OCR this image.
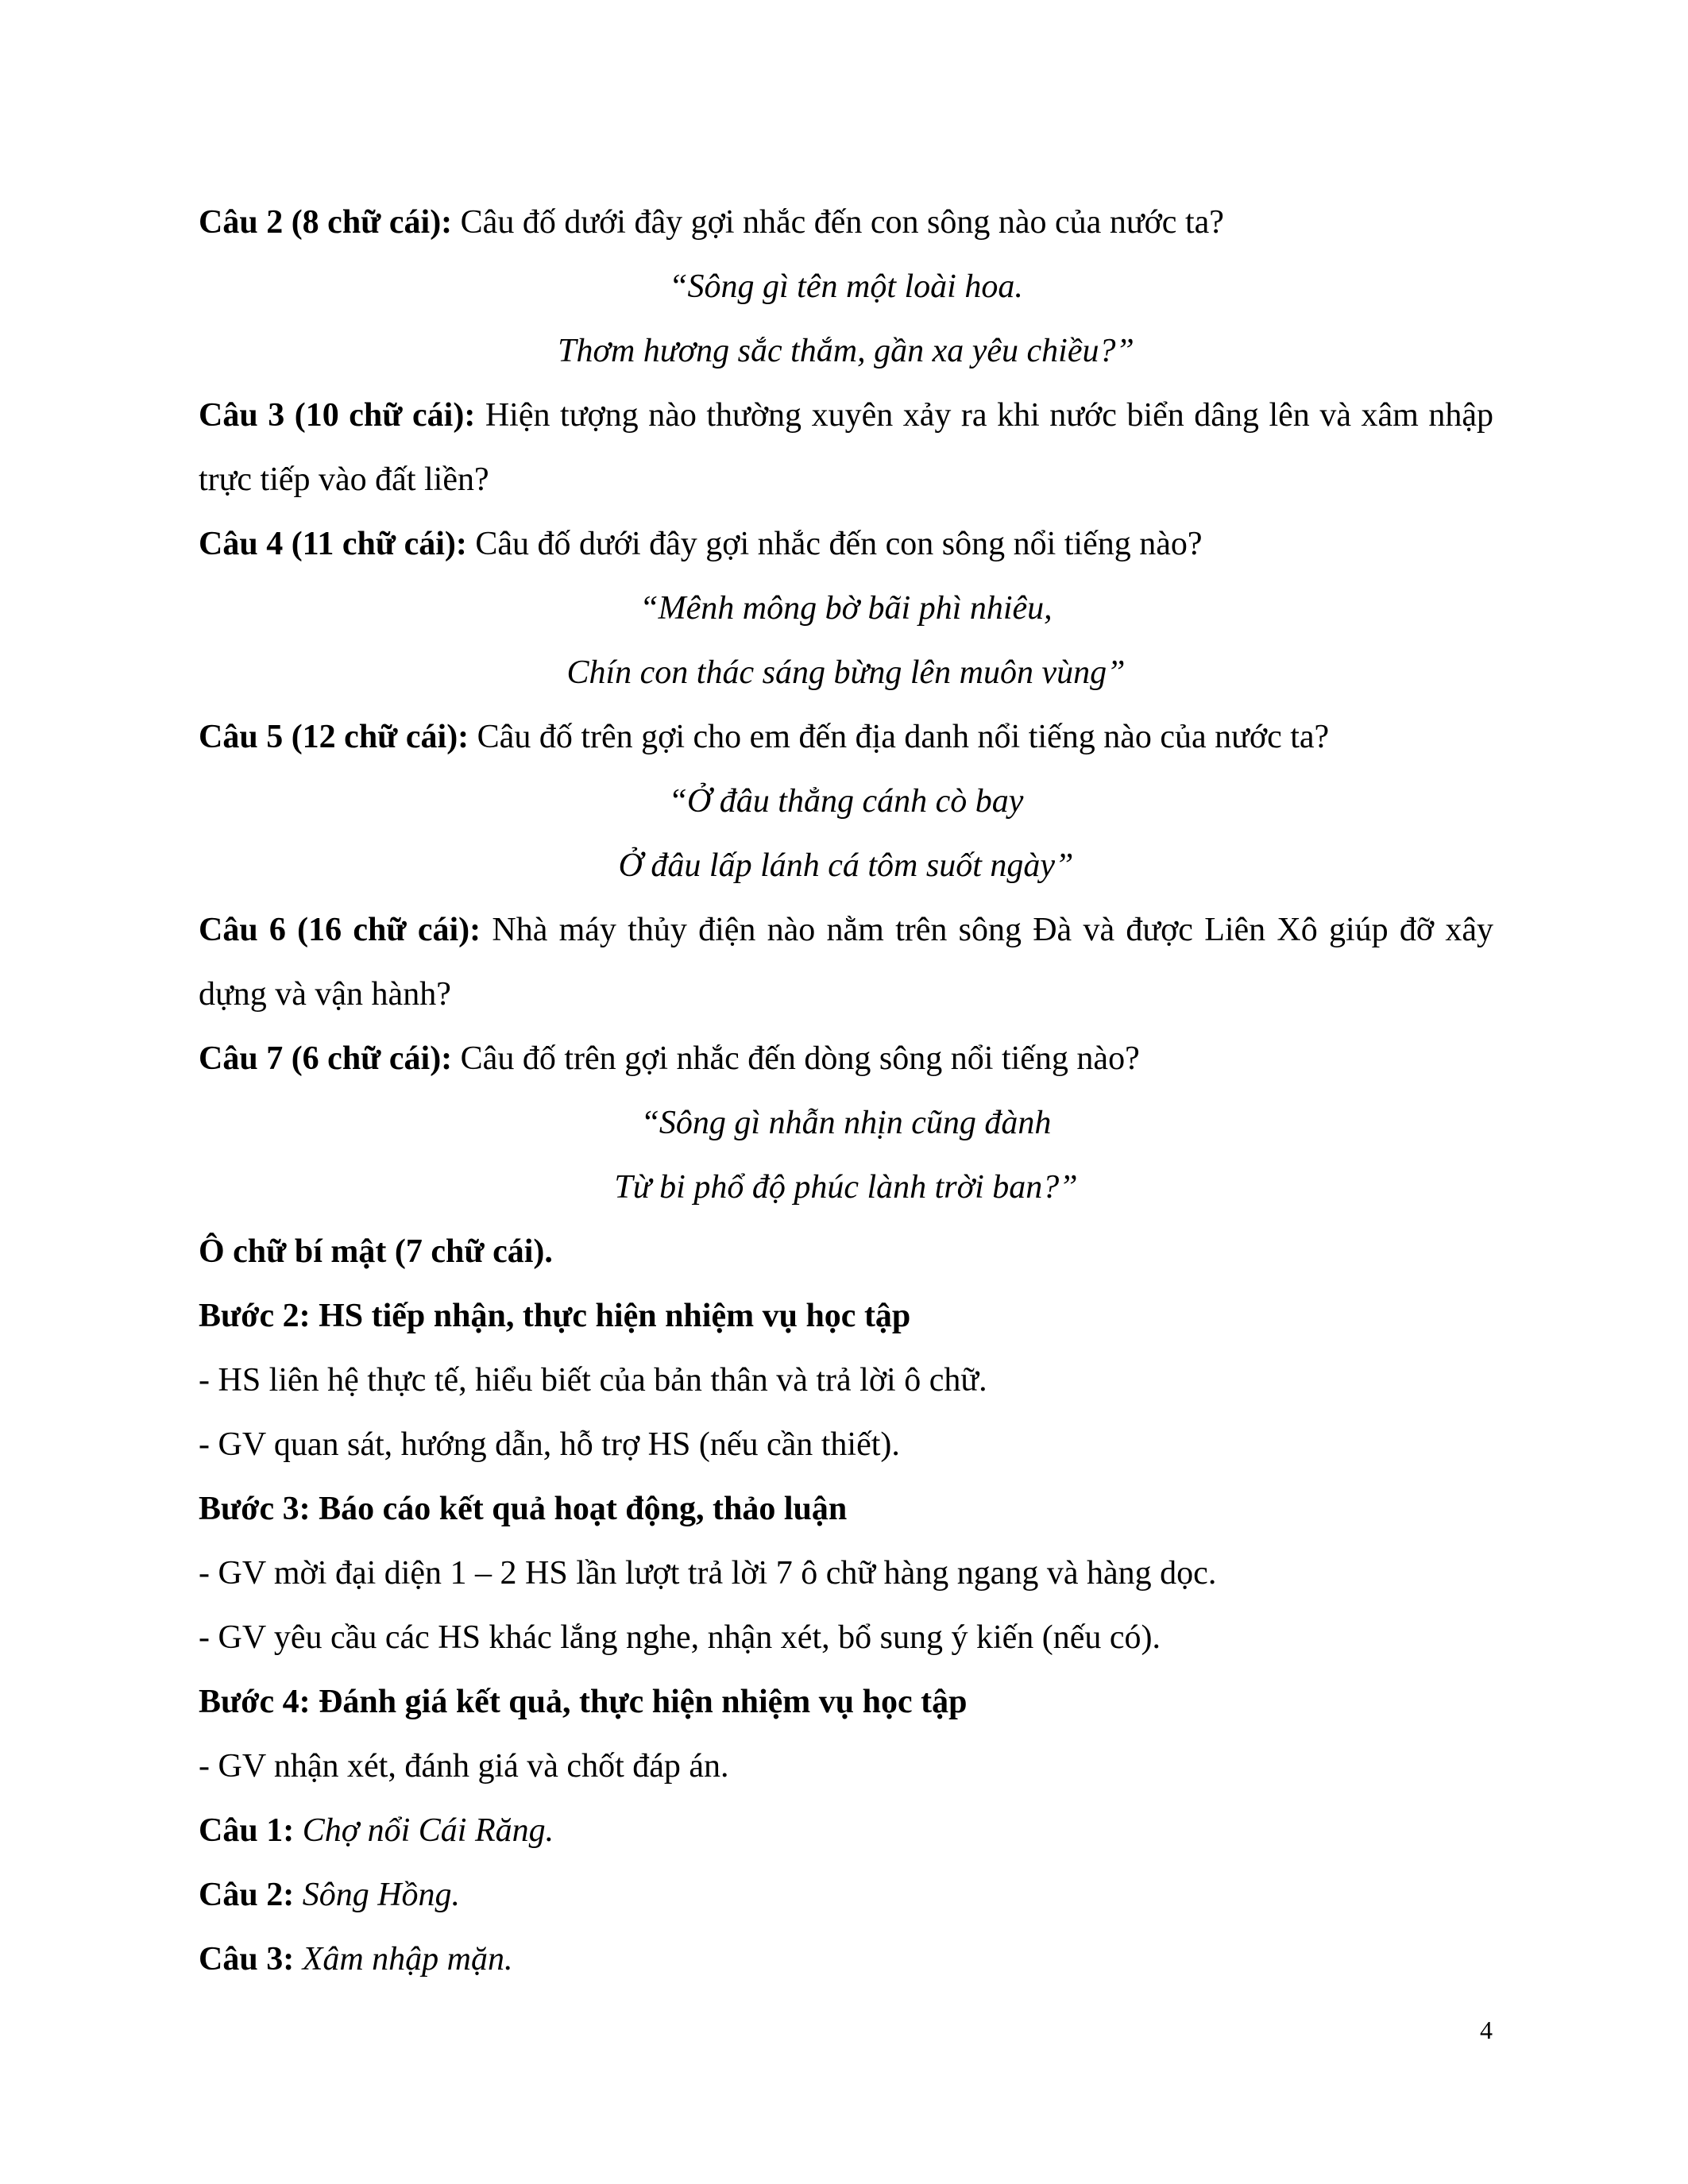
Câu 2 (8 chữ cái): Câu đố dưới đây gợi nhắc đến con sông nào của nước ta?

“Sông gì tên một loài hoa.

Thơm hương sắc thắm, gần xa yêu chiều?”

Câu 3 (10 chữ cái): Hiện tượng nào thường xuyên xảy ra khi nước biển dâng lên và xâm nhập trực tiếp vào đất liền?

Câu 4 (11 chữ cái): Câu đố dưới đây gợi nhắc đến con sông nổi tiếng nào?

“Mênh mông bờ bãi phì nhiêu,

Chín con thác sáng bừng lên muôn vùng”

Câu 5 (12 chữ cái): Câu đố trên gợi cho em đến địa danh nổi tiếng nào của nước ta?

“Ở đâu thẳng cánh cò bay

Ở đâu lấp lánh cá tôm suốt ngày”

Câu 6 (16 chữ cái): Nhà máy thủy điện nào nằm trên sông Đà và được Liên Xô giúp đỡ xây dựng và vận hành?

Câu 7 (6 chữ cái): Câu đố trên gợi nhắc đến dòng sông nổi tiếng nào?

“Sông gì nhẫn nhịn cũng đành

Từ bi phổ độ phúc lành trời ban?”

Ô chữ bí mật (7 chữ cái).

Bước 2: HS tiếp nhận, thực hiện nhiệm vụ học tập

- HS liên hệ thực tế, hiểu biết của bản thân và trả lời ô chữ.

- GV quan sát, hướng dẫn, hỗ trợ HS (nếu cần thiết).

Bước 3: Báo cáo kết quả hoạt động, thảo luận

- GV mời đại diện 1 – 2 HS lần lượt trả lời 7 ô chữ hàng ngang và hàng dọc.

- GV yêu cầu các HS khác lắng nghe, nhận xét, bổ sung ý kiến (nếu có).

Bước 4: Đánh giá kết quả, thực hiện nhiệm vụ học tập

- GV nhận xét, đánh giá và chốt đáp án.

Câu 1: Chợ nổi Cái Răng.

Câu 2: Sông Hồng.

Câu 3: Xâm nhập mặn.

4
